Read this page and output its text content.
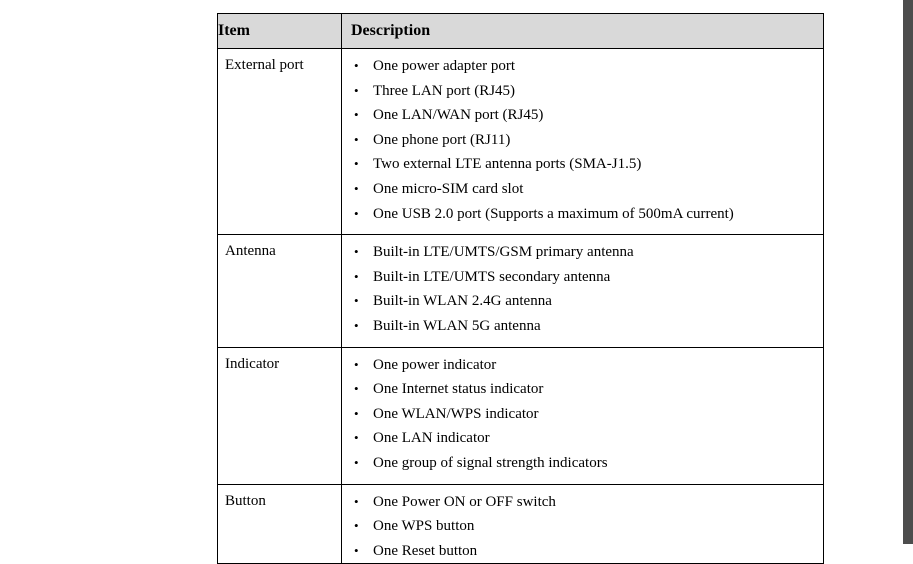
Item	Description
External port	• One power adapter port
• Three LAN port (RJ45)
• One LAN/WAN port (RJ45)
• One phone port (RJ11)
• Two external LTE antenna ports (SMA-J1.5)
• One micro-SIM card slot
• One USB 2.0 port (Supports a maximum of 500mA current)

Antenna	• Built-in LTE/UMTS/GSM primary antenna
• Built-in LTE/UMTS secondary antenna
• Built-in WLAN 2.4G antenna
• Built-in WLAN 5G antenna

Indicator	• One power indicator
• One Internet status indicator
• One WLAN/WPS indicator
• One LAN indicator
• One group of signal strength indicators

Button	• One Power ON or OFF switch
• One WPS button
• One Reset button
